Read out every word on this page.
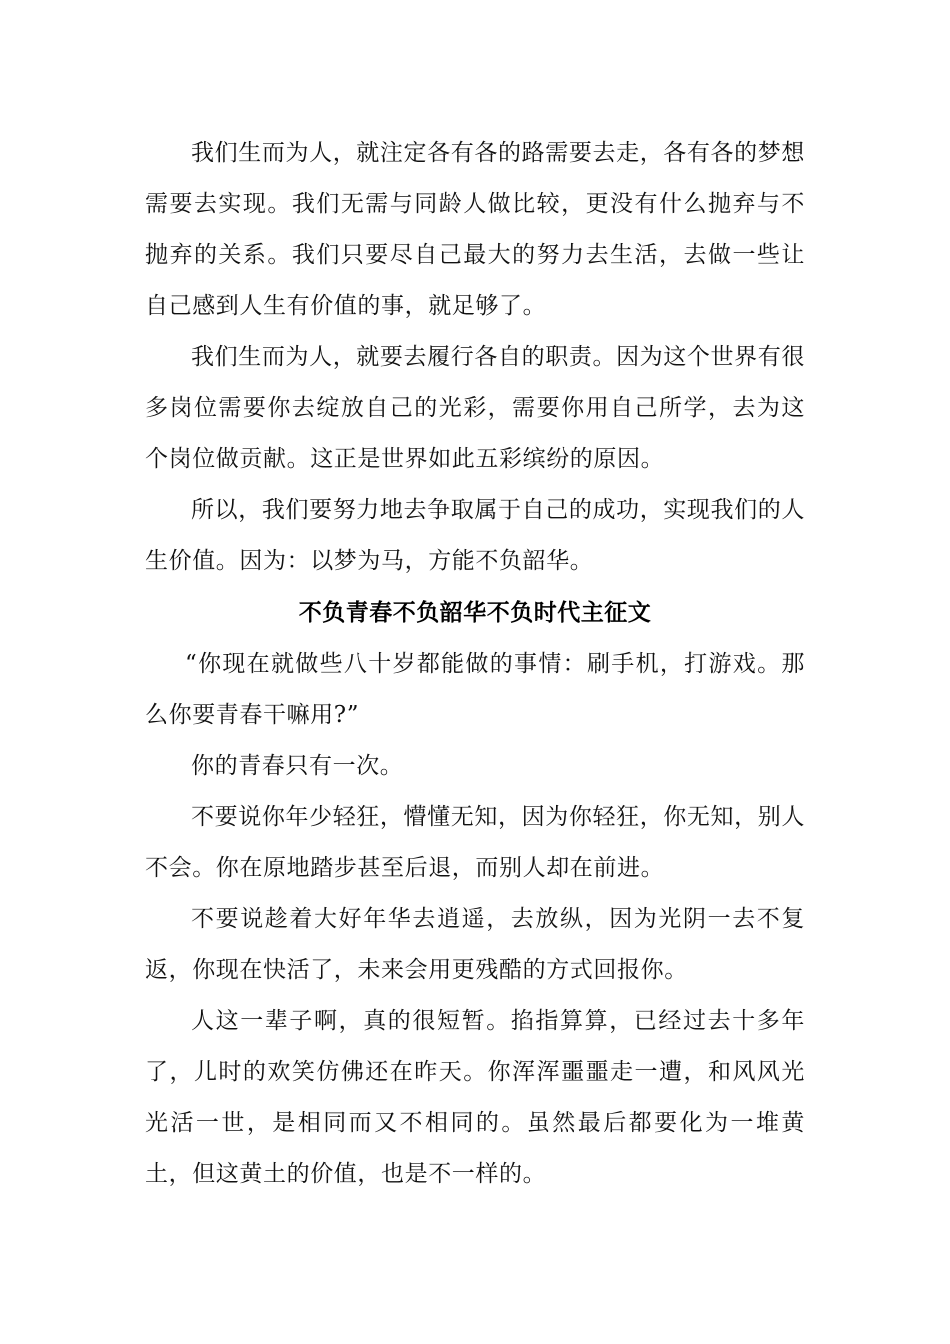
我们生而为人，就注定各有各的路需要去走，各有各的梦想需要去实现。我们无需与同龄人做比较，更没有什么抛弃与不抛弃的关系。我们只要尽自己最大的努力去生活，去做一些让自己感到人生有价值的事，就足够了。

我们生而为人，就要去履行各自的职责。因为这个世界有很多岗位需要你去绽放自己的光彩，需要你用自己所学，去为这个岗位做贡献。这正是世界如此五彩缤纷的原因。

所以，我们要努力地去争取属于自己的成功，实现我们的人生价值。因为：以梦为马，方能不负韶华。

不负青春不负韶华不负时代主征文

“你现在就做些八十岁都能做的事情：刷手机，打游戏。那么你要青春干嘛用?”

你的青春只有一次。

不要说你年少轻狂，懵懂无知，因为你轻狂，你无知，别人不会。你在原地踏步甚至后退，而别人却在前进。

不要说趁着大好年华去逍遥，去放纵，因为光阴一去不复返，你现在快活了，未来会用更残酷的方式回报你。

人这一辈子啊，真的很短暂。掐指算算，已经过去十多年了，儿时的欢笑仿佛还在昨天。你浑浑噩噩走一遭，和风风光光活一世，是相同而又不相同的。虽然最后都要化为一堆黄土，但这黄土的价值，也是不一样的。
